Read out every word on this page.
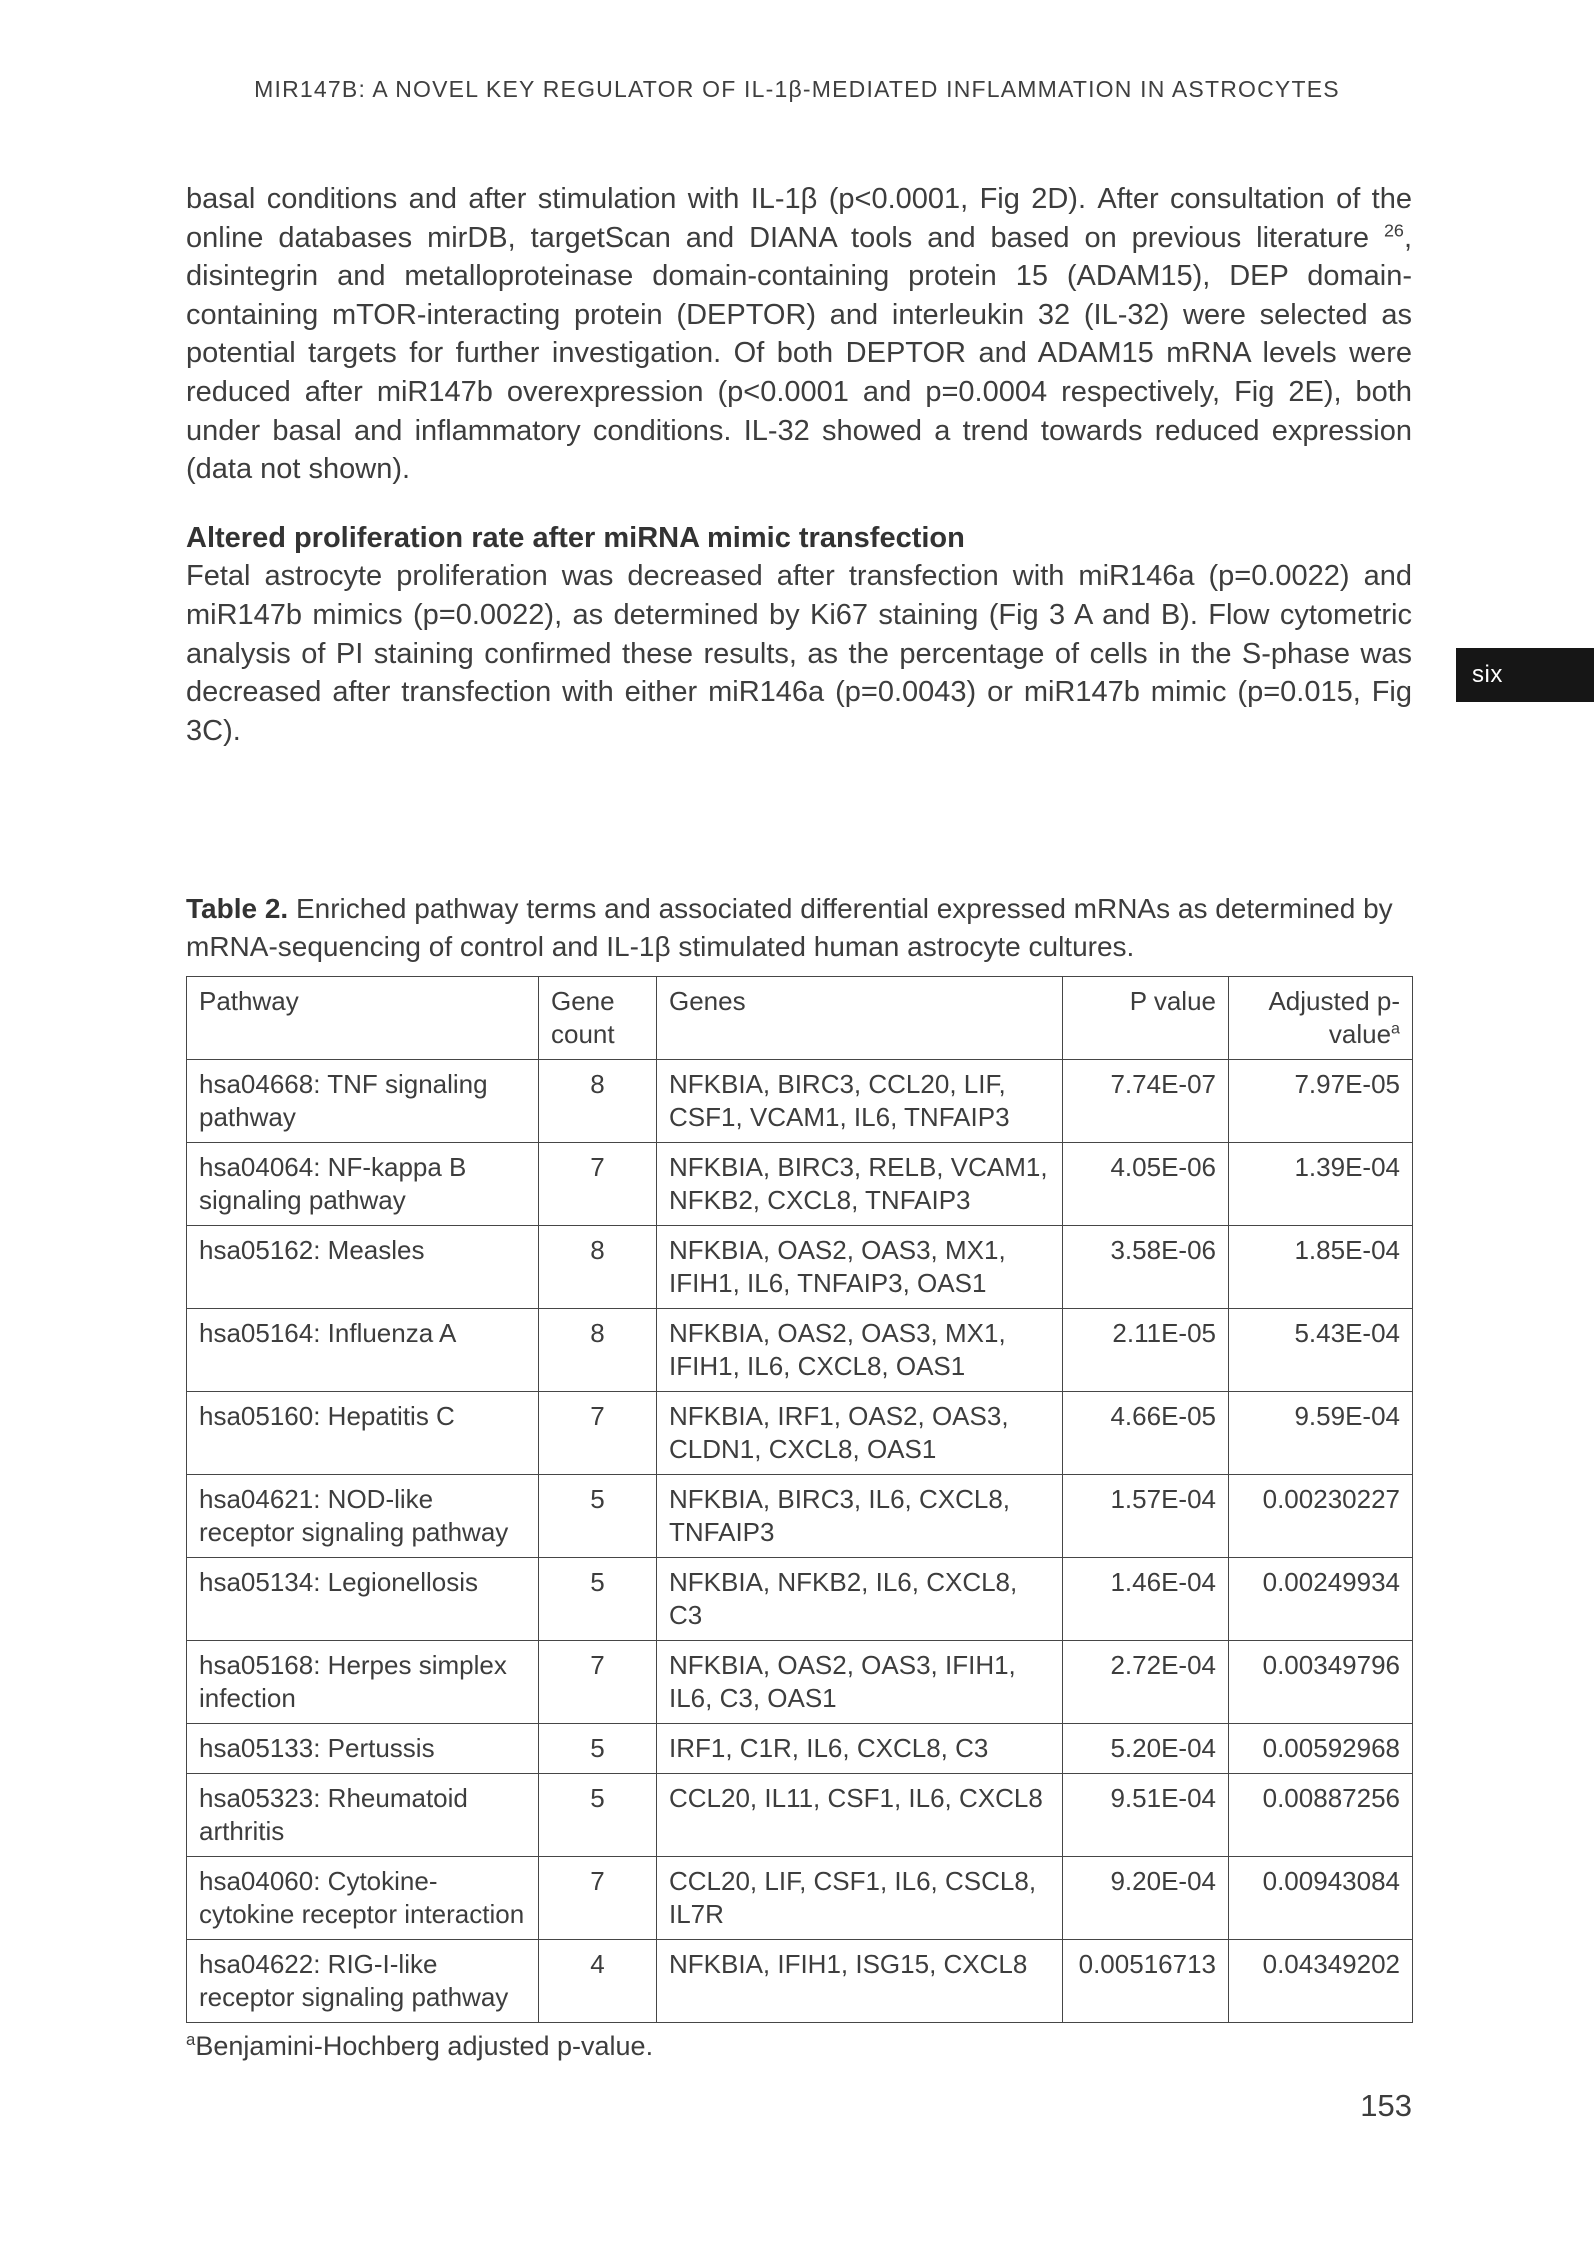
MIR147B: A NOVEL KEY REGULATOR OF IL-1β-MEDIATED INFLAMMATION IN ASTROCYTES
six

basal conditions and after stimulation with IL-1β (p<0.0001, Fig 2D). After consultation of the online databases mirDB, targetScan and DIANA tools and based on previous literature $^{26}$, disintegrin and metalloproteinase domain-containing protein 15 (ADAM15), DEP domain-containing mTOR-interacting protein (DEPTOR) and interleukin 32 (IL-32) were selected as potential targets for further investigation. Of both DEPTOR and ADAM15 mRNA levels were reduced after miR147b overexpression (p<0.0001 and p=0.0004 respectively, Fig 2E), both under basal and inflammatory conditions. IL-32 showed a trend towards reduced expression (data not shown).

Altered proliferation rate after miRNA mimic transfection

Fetal astrocyte proliferation was decreased after transfection with miR146a (p=0.0022) and miR147b mimics (p=0.0022), as determined by Ki67 staining (Fig 3 A and B). Flow cytometric analysis of PI staining confirmed these results, as the percentage of cells in the S-phase was decreased after transfection with either miR146a (p=0.0043) or miR147b mimic (p=0.015, Fig 3C).

Table 2. Enriched pathway terms and associated differential expressed mRNAs as determined by mRNA-sequencing of control and IL-1β stimulated human astrocyte cultures.

Pathway	Gene count	Genes	P value	Adjusted p-value$^a$
hsa04668: TNF signaling pathway	8	NFKBIA, BIRC3, CCL20, LIF, CSF1, VCAM1, IL6, TNFAIP3	7.74E-07	7.97E-05
hsa04064: NF-kappa B signaling pathway	7	NFKBIA, BIRC3, RELB, VCAM1, NFKB2, CXCL8, TNFAIP3	4.05E-06	1.39E-04
hsa05162: Measles	8	NFKBIA, OAS2, OAS3, MX1, IFIH1, IL6, TNFAIP3, OAS1	3.58E-06	1.85E-04
hsa05164: Influenza A	8	NFKBIA, OAS2, OAS3, MX1, IFIH1, IL6, CXCL8, OAS1	2.11E-05	5.43E-04
hsa05160: Hepatitis C	7	NFKBIA, IRF1, OAS2, OAS3, CLDN1, CXCL8, OAS1	4.66E-05	9.59E-04
hsa04621: NOD-like receptor signaling pathway	5	NFKBIA, BIRC3, IL6, CXCL8, TNFAIP3	1.57E-04	0.00230227
hsa05134: Legionellosis	5	NFKBIA, NFKB2, IL6, CXCL8, C3	1.46E-04	0.00249934
hsa05168: Herpes simplex infection	7	NFKBIA, OAS2, OAS3, IFIH1, IL6, C3, OAS1	2.72E-04	0.00349796
hsa05133: Pertussis	5	IRF1, C1R, IL6, CXCL8, C3	5.20E-04	0.00592968
hsa05323: Rheumatoid arthritis	5	CCL20, IL11, CSF1, IL6, CXCL8	9.51E-04	0.00887256
hsa04060: Cytokine-cytokine receptor interaction	7	CCL20, LIF, CSF1, IL6, CSCL8, IL7R	9.20E-04	0.00943084
hsa04622: RIG-I-like receptor signaling pathway	4	NFKBIA, IFIH1, ISG15, CXCL8	0.00516713	0.04349202

$^a$Benjamini-Hochberg adjusted p-value.

153
